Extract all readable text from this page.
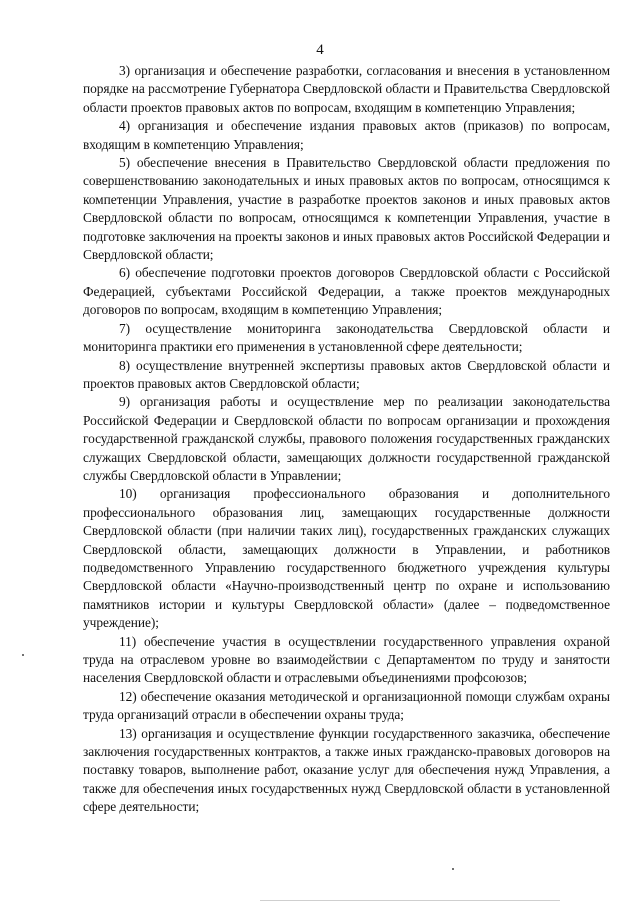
4

3) организация и обеспечение разработки, согласования и внесения в установленном порядке на рассмотрение Губернатора Свердловской области и Правительства Свердловской области проектов правовых актов по вопросам, входящим в компетенцию Управления;

4) организация и обеспечение издания правовых актов (приказов) по вопросам, входящим в компетенцию Управления;

5) обеспечение внесения в Правительство Свердловской области предложения по совершенствованию законодательных и иных правовых актов по вопросам, относящимся к компетенции Управления, участие в разработке проектов законов и иных правовых актов Свердловской области по вопросам, относящимся к компетенции Управления, участие в подготовке заключения на проекты законов и иных правовых актов Российской Федерации и Свердловской области;

6) обеспечение подготовки проектов договоров Свердловской области с Российской Федерацией, субъектами Российской Федерации, а также проектов международных договоров по вопросам, входящим в компетенцию Управления;

7) осуществление мониторинга законодательства Свердловской области и мониторинга практики его применения в установленной сфере деятельности;

8) осуществление внутренней экспертизы правовых актов Свердловской области и проектов правовых актов Свердловской области;

9) организация работы и осуществление мер по реализации законодательства Российской Федерации и Свердловской области по вопросам организации и прохождения государственной гражданской службы, правового положения государственных гражданских служащих Свердловской области, замещающих должности государственной гражданской службы Свердловской области в Управлении;

10) организация профессионального образования и дополнительного профессионального образования лиц, замещающих государственные должности Свердловской области (при наличии таких лиц), государственных гражданских служащих Свердловской области, замещающих должности в Управлении, и работников подведомственного Управлению государственного бюджетного учреждения культуры Свердловской области «Научно-производственный центр по охране и использованию памятников истории и культуры Свердловской области» (далее – подведомственное учреждение);

11) обеспечение участия в осуществлении государственного управления охраной труда на отраслевом уровне во взаимодействии с Департаментом по труду и занятости населения Свердловской области и отраслевыми объединениями профсоюзов;

12) обеспечение оказания методической и организационной помощи службам охраны труда организаций отрасли в обеспечении охраны труда;

13) организация и осуществление функции государственного заказчика, обеспечение заключения государственных контрактов, а также иных гражданско-правовых договоров на поставку товаров, выполнение работ, оказание услуг для обеспечения нужд Управления, а также для обеспечения иных государственных нужд Свердловской области в установленной сфере деятельности;
